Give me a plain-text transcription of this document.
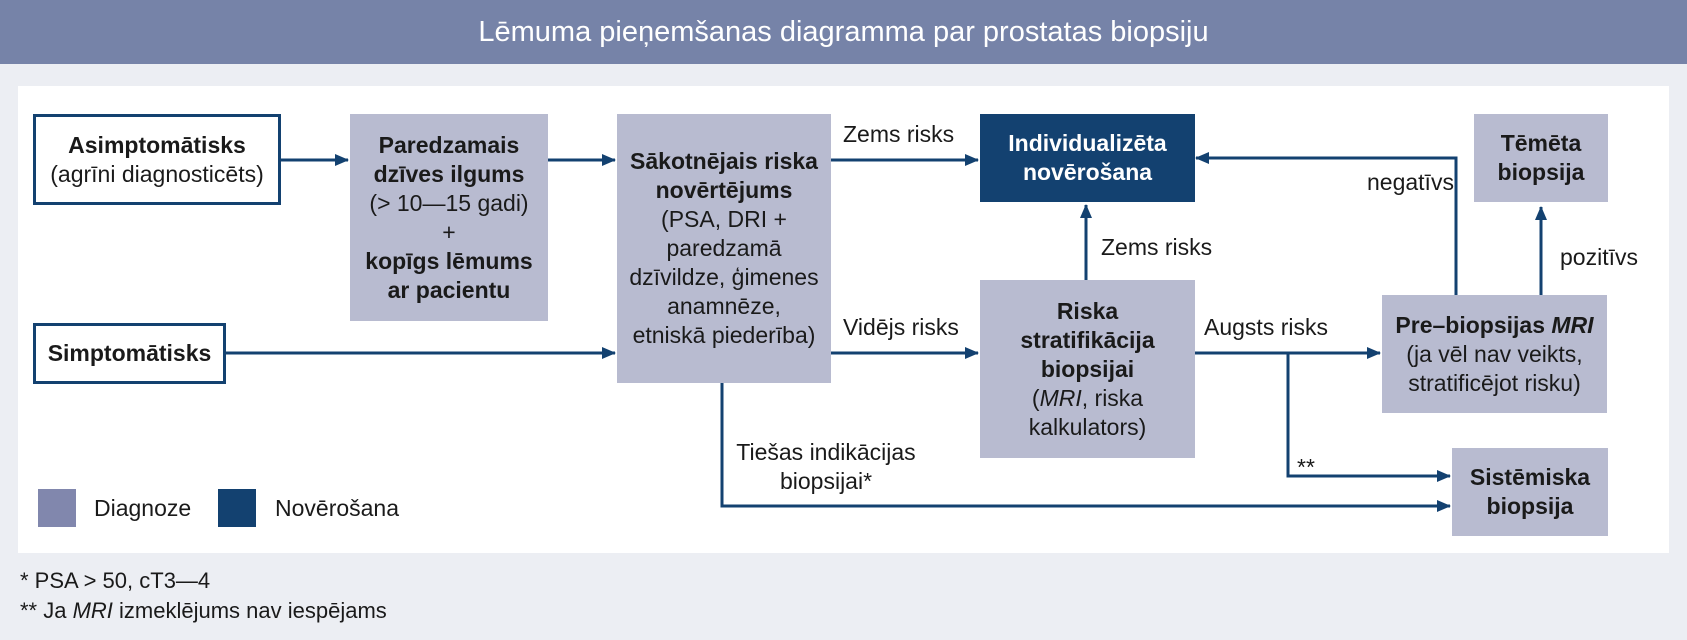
Lēmuma pieņemšanas diagramma par prostatas biopsiju
Asimptomātisks
(agrīni diagnosticēts)
Simptomātisks
Paredzamais
dzīves ilgums
(> 10—15 gadi)
+
kopīgs lēmums
ar pacientu
Sākotnējais riska
novērtējums
(PSA, DRI +
paredzamā
dzīvildze, ģimenes
anamnēze,
etniskā piederība)
Individualizēta
novērošana
Riska
stratifikācija
biopsijai
(MRI, riska
kalkulators)
Pre–biopsijas MRI
(ja vēl nav veikts,
stratificējot risku)
Tēmēta
biopsija
Sistēmiska
biopsija
Zems risks
Zems risks
Vidējs risks	Augsts risks
negatīvs
pozitīvs
Tiešas indikācijas
biopsijai*
**
Diagnoze	Novērošana
* PSA > 50, cT3—4
** Ja MRI izmeklējums nav iespējams
